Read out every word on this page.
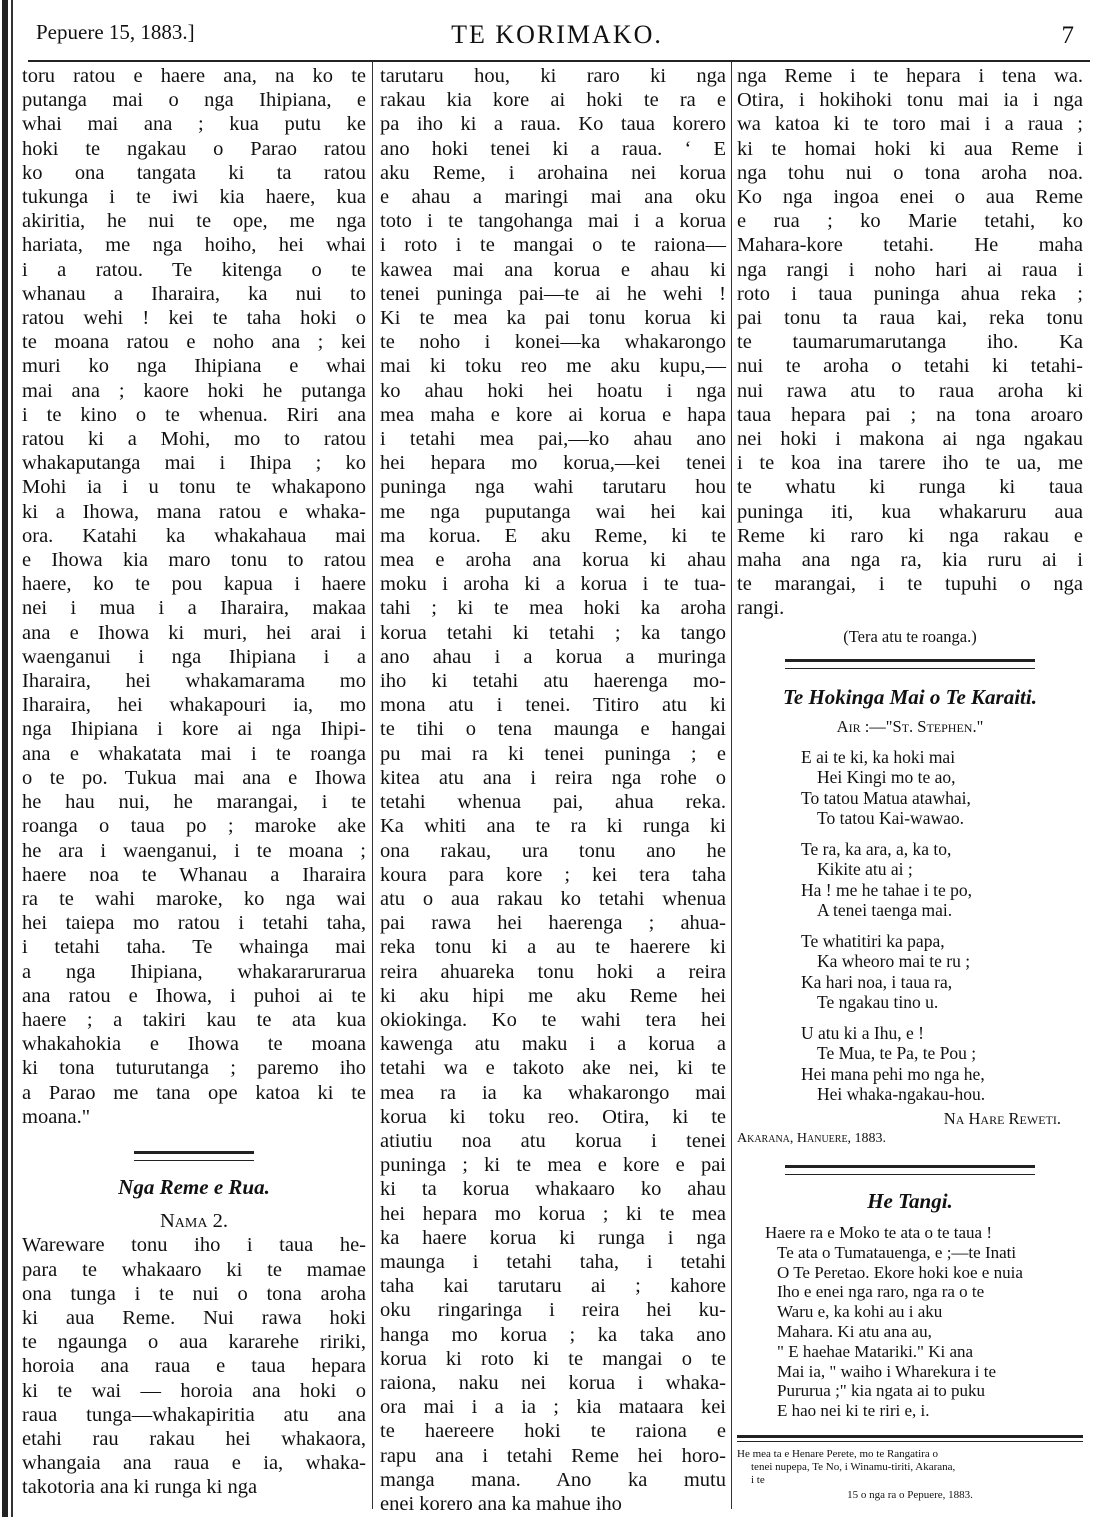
Pepuere 15, 1883.]	TE KORIMAKO.	7
toru ratou e haere ana, na ko te
putanga mai o nga Ihipiana, e
whai mai ana ; kua putu ke
hoki te ngakau o Parao ratou
ko ona tangata ki ta ratou
tukunga i te iwi kia haere, kua
akiritia, he nui te ope, me nga
hariata, me nga hoiho, hei whai
i a ratou. Te kitenga o te
whanau a Iharaira, ka nui to
ratou wehi ! kei te taha hoki o
te moana ratou e noho ana ; kei
muri ko nga Ihipiana e whai
mai ana ; kaore hoki he putanga
i te kino o te whenua. Riri ana
ratou ki a Mohi, mo to ratou
whakaputanga mai i Ihipa ; ko
Mohi ia i u tonu te whakapono
ki a Ihowa, mana ratou e whaka-
ora. Katahi ka whakahaua mai
e Ihowa kia maro tonu to ratou
haere, ko te pou kapua i haere
nei i mua i a Iharaira, makaa
ana e Ihowa ki muri, hei arai i
waenganui i nga Ihipiana i a
Iharaira, hei whakamarama mo
Iharaira, hei whakapouri ia, mo
nga Ihipiana i kore ai nga Ihipi-
ana e whakatata mai i te roanga
o te po. Tukua mai ana e Ihowa
he hau nui, he marangai, i te
roanga o taua po ; maroke ake
he ara i waenganui, i te moana ;
haere noa te Whanau a Iharaira
ra te wahi maroke, ko nga wai
hei taiepa mo ratou i tetahi taha,
i tetahi taha. Te whainga mai
a nga Ihipiana, whakararurarua
ana ratou e Ihowa, i puhoi ai te
haere ; a takiri kau te ata kua
whakahokia e Ihowa te moana
ki tona tuturutanga ; paremo iho
a Parao me tana ope katoa ki te
moana."
Nga Reme e Rua.
Nama 2.
Wareware tonu iho i taua he-
para te whakaaro ki te mamae
ona tunga i te nui o tona aroha
ki aua Reme. Nui rawa hoki
te ngaunga o aua kararehe ririki,
horoia ana raua e taua hepara
ki te wai — horoia ana hoki o
raua tunga—whakapiritia atu ana
etahi rau rakau hei whakaora,
whangaia ana raua e ia, whaka-
takotoria ana ki runga ki nga
tarutaru hou, ki raro ki nga
rakau kia kore ai hoki te ra e
pa iho ki a raua. Ko taua korero
ano hoki tenei ki a raua. ‘ E
aku Reme, i arohaina nei korua
e ahau a maringi mai ana oku
toto i te tangohanga mai i a korua
i roto i te mangai o te raiona—
kawea mai ana korua e ahau ki
tenei puninga pai—te ai he wehi !
Ki te mea ka pai tonu korua ki
te noho i konei—ka whakarongo
mai ki toku reo me aku kupu,—
ko ahau hoki hei hoatu i nga
mea maha e kore ai korua e hapa
i tetahi mea pai,—ko ahau ano
hei hepara mo korua,—kei tenei
puninga nga wahi tarutaru hou
me nga puputanga wai hei kai
ma korua. E aku Reme, ki te
mea e aroha ana korua ki ahau
moku i aroha ki a korua i te tua-
tahi ; ki te mea hoki ka aroha
korua tetahi ki tetahi ; ka tango
ano ahau i a korua a muringa
iho ki tetahi atu haerenga mo-
mona atu i tenei. Titiro atu ki
te tihi o tena maunga e hangai
pu mai ra ki tenei puninga ; e
kitea atu ana i reira nga rohe o
tetahi whenua pai, ahua reka.
Ka whiti ana te ra ki runga ki
ona rakau, ura tonu ano he
koura para kore ; kei tera taha
atu o aua rakau ko tetahi whenua
pai rawa hei haerenga ; ahua-
reka tonu ki a au te haerere ki
reira ahuareka tonu hoki a reira
ki aku hipi me aku Reme hei
okiokinga. Ko te wahi tera hei
kawenga atu maku i a korua a
tetahi wa e takoto ake nei, ki te
mea ra ia ka whakarongo mai
korua ki toku reo. Otira, ki te
atiutiu noa atu korua i tenei
puninga ; ki te mea e kore e pai
ki ta korua whakaaro ko ahau
hei hepara mo korua ; ki te mea
ka haere korua ki runga i nga
maunga i tetahi taha, i tetahi
taha kai tarutaru ai ; kahore
oku ringaringa i reira hei ku-
hanga mo korua ; ka taka ano
korua ki roto ki te mangai o te
raiona, naku nei korua i whaka-
ora mai i a ia ; kia mataara kei
te haereere hoki te raiona e
rapu ana i tetahi Reme hei horo-
manga mana. Ano ka mutu
enei korero ana ka mahue iho
nga Reme i te hepara i tena wa.
Otira, i hokihoki tonu mai ia i nga
wa katoa ki te toro mai i a raua ;
ki te homai hoki ki aua Reme i
nga tohu nui o tona aroha noa.
Ko nga ingoa enei o aua Reme
e rua ; ko Marie tetahi, ko
Mahara-kore tetahi. He maha
nga rangi i noho hari ai raua i
roto i taua puninga ahua reka ;
pai tonu ta raua kai, reka tonu
te taumarumarutanga iho. Ka
nui te aroha o tetahi ki tetahi-
nui rawa atu to raua aroha ki
taua hepara pai ; na tona aroaro
nei hoki i makona ai nga ngakau
i te koa ina tarere iho te ua, me
te whatu ki runga ki taua
puninga iti, kua whakaruru aua
Reme ki raro ki nga rakau e
maha ana nga ra, kia ruru ai i
te marangai, i te tupuhi o nga
rangi.
(Tera atu te roanga.)
Te Hokinga Mai o Te Karaiti.
Air :—"St. Stephen."
E ai te ki, ka hoki mai
Hei Kingi mo te ao,
To tatou Matua atawhai,
To tatou Kai-wawao.
Te ra, ka ara, a, ka to,
Kikite atu ai ;
Ha ! me he tahae i te po,
A tenei taenga mai.
Te whatitiri ka papa,
Ka wheoro mai te ru ;
Ka hari noa, i taua ra,
Te ngakau tino u.
U atu ki a Ihu, e !
Te Mua, te Pa, te Pou ;
Hei mana pehi mo nga he,
Hei whaka-ngakau-hou.
Na Hare Reweti.
Akarana, Hanuere, 1883.
He Tangi.
Haere ra e Moko te ata o te taua !
Te ata o Tumatauenga, e ;—te Inati
O Te Peretao. Ekore hoki koe e nuia
Iho e enei nga raro, nga ra o te
Waru e, ka kohi au i aku
Mahara. Ki atu ana au,
" E haehae Matariki." Ki ana
Mai ia, " waiho i Wharekura i te
Pururua ;" kia ngata ai to puku
E hao nei ki te riri e, i.
He mea ta e Henare Perete, mo te Rangatira o
tenei nupepa, Te No, i Winamu-tiriti, Akarana,
i te
15 o nga ra o Pepuere, 1883.
